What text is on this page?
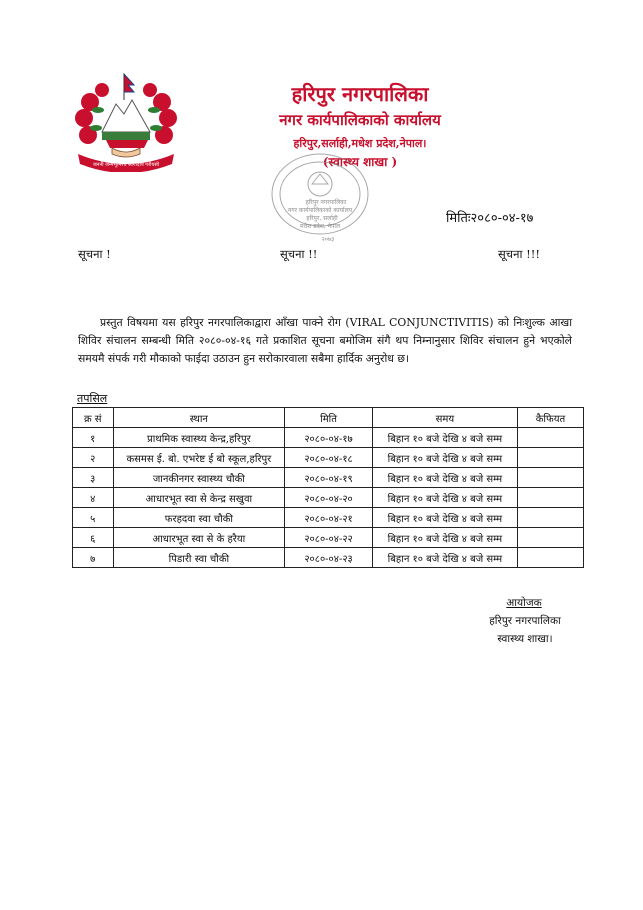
जननी जन्मभूमिश्च स्वर्गादपि गरीयसी
हरिपुर नगरपालिका
नगर कार्यपालिकाको कार्यालय
हरिपुर,सर्लाही,मधेश प्रदेश,नेपाल।
(स्वास्थ्य शाखा )
हरिपुर नगरपालिका
नगर कार्यपालिकाको कार्यालय
हरिपुर, सर्लाही
मधेश प्रदेश, नेपाल
२०७३
मितिः२०८०-०४-१७
सूचना !	सूचना !!	सूचना !!!
प्रस्तुत विषयमा यस हरिपुर नगरपालिकाद्वारा आँखा पाक्ने रोग (VIRAL CONJUNCTIVITIS) को निःशुल्क आखा शिविर संचालन सम्बन्धी मिति २०८०-०४-१६ गते प्रकाशित सूचना बमोजिम संगै थप निम्नानुसार शिविर संचालन हुने भएकोले समयमै संपर्क गरी मौकाको फाईदा उठाउन हुन सरोकारवाला सबैमा हार्दिक अनुरोध छ।
तपसिल
क्र सं	स्थान	मिति	समय	कैफियत
१	प्राथमिक स्वास्थ्य केन्द्र,हरिपुर	२०८०-०४-१७	बिहान १० बजे देखि ४ बजे सम्म	
२	कसमस ई. बो. एभरेष्ट ई बो स्कूल,हरिपुर	२०८०-०४-१८	बिहान १० बजे देखि ४ बजे सम्म	
३	जानकीनगर स्वास्थ्य चौकी	२०८०-०४-१९	बिहान १० बजे देखि ४ बजे सम्म	
४	आधारभूत स्वा से केन्द्र सखुवा	२०८०-०४-२०	बिहान १० बजे देखि ४ बजे सम्म	
५	फरहदवा स्वा चौकी	२०८०-०४-२१	बिहान १० बजे देखि ४ बजे सम्म	
६	आधारभूत स्वा से के हरैया	२०८०-०४-२२	बिहान १० बजे देखि ४ बजे सम्म	
७	पिडारी स्वा चौकी	२०८०-०४-२३	बिहान १० बजे देखि ४ बजे सम्म	
आयोजक
हरिपुर नगरपालिका
स्वास्थ्य शाखा।
